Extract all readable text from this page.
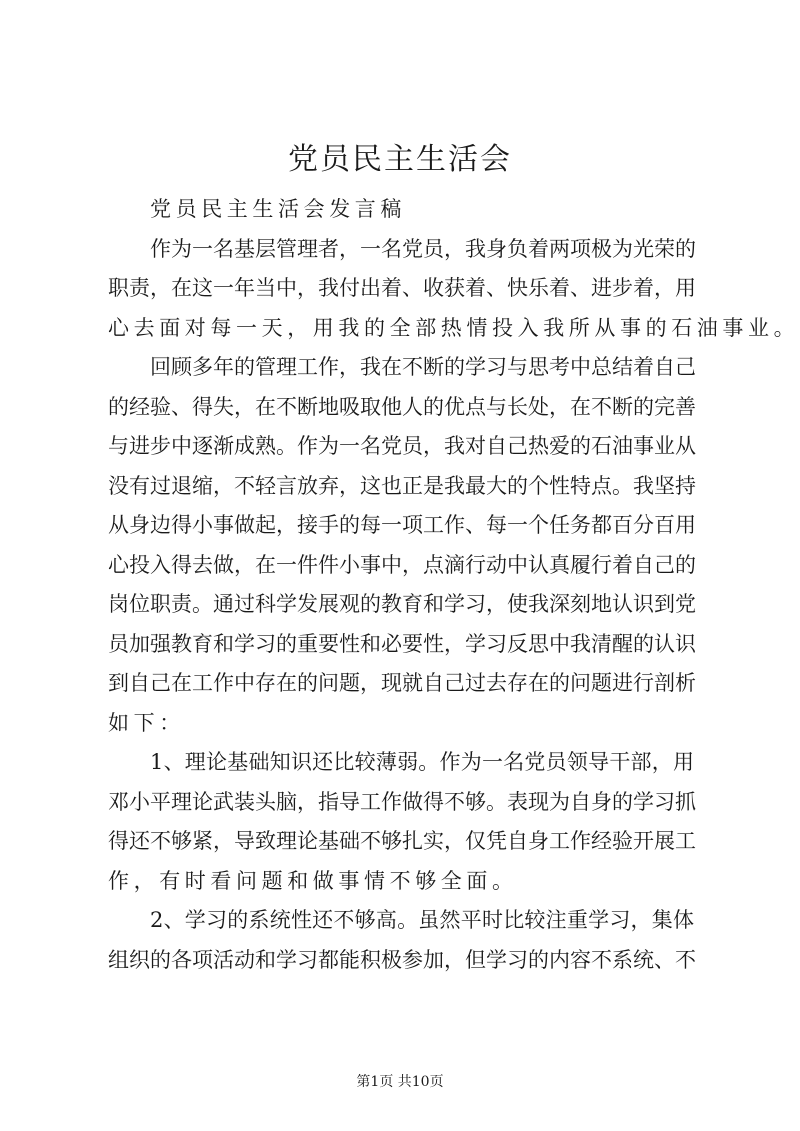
党员民主生活会
党员民主生活会发言稿
作为一名基层管理者，一名党员，我身负着两项极为光荣的
职责，在这一年当中，我付出着、收获着、快乐着、进步着，用
心去面对每一天，用我的全部热情投入我所从事的石油事业。
回顾多年的管理工作，我在不断的学习与思考中总结着自己
的经验、得失，在不断地吸取他人的优点与长处，在不断的完善
与进步中逐渐成熟。作为一名党员，我对自己热爱的石油事业从
没有过退缩，不轻言放弃，这也正是我最大的个性特点。我坚持
从身边得小事做起，接手的每一项工作、每一个任务都百分百用
心投入得去做，在一件件小事中，点滴行动中认真履行着自己的
岗位职责。通过科学发展观的教育和学习，使我深刻地认识到党
员加强教育和学习的重要性和必要性，学习反思中我清醒的认识
到自己在工作中存在的问题，现就自己过去存在的问题进行剖析
如下：
1、理论基础知识还比较薄弱。作为一名党员领导干部，用
邓小平理论武装头脑，指导工作做得不够。表现为自身的学习抓
得还不够紧，导致理论基础不够扎实，仅凭自身工作经验开展工
作，有时看问题和做事情不够全面。
2、学习的系统性还不够高。虽然平时比较注重学习，集体
组织的各项活动和学习都能积极参加，但学习的内容不系统、不
第1页 共10页
